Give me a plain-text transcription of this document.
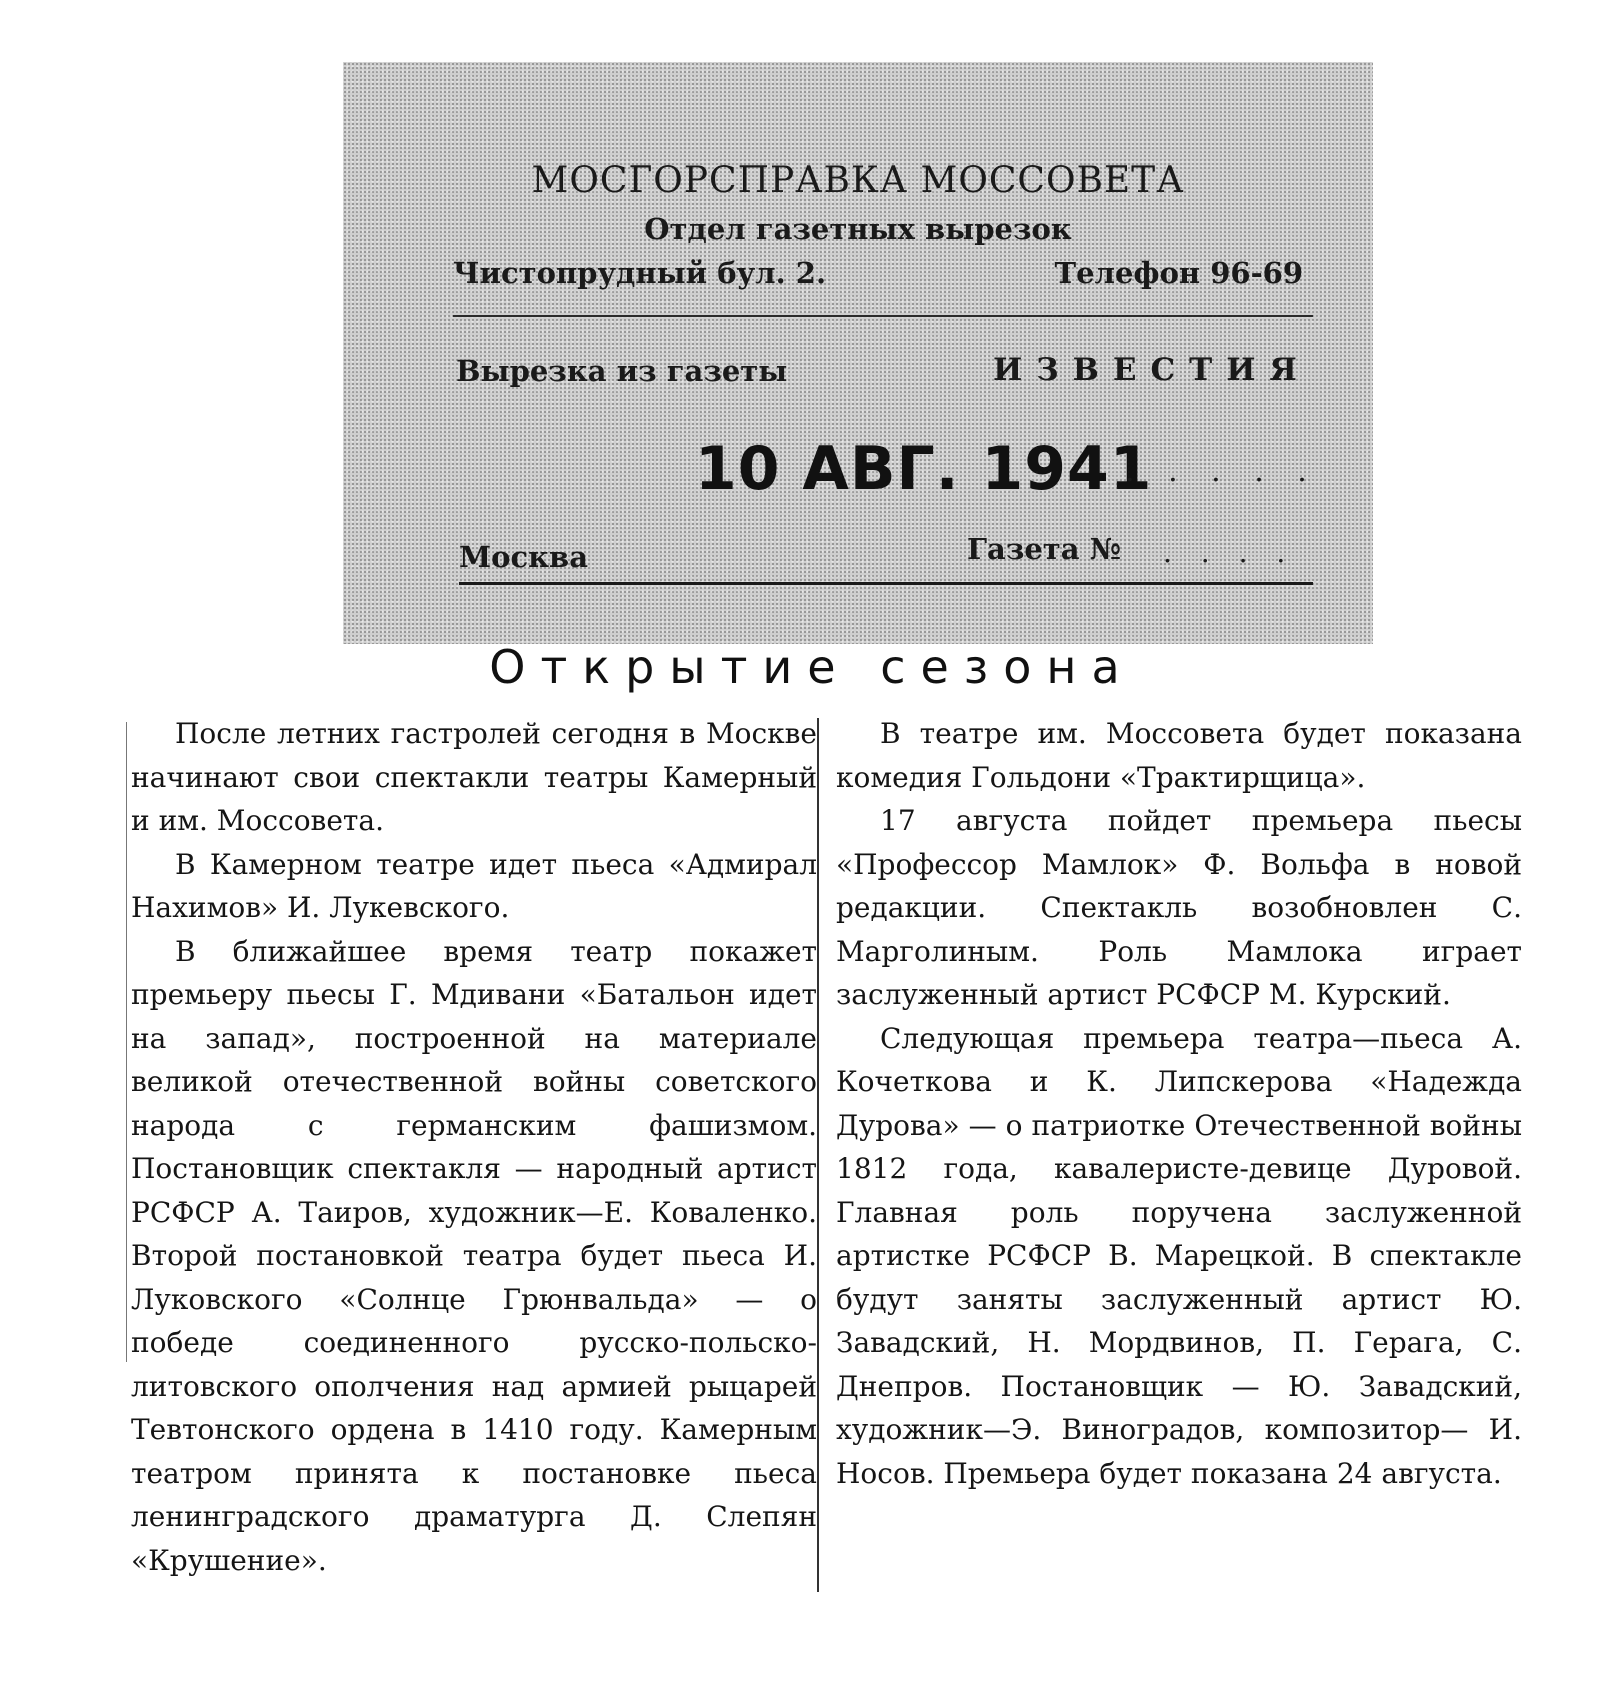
МОСГОРСПРАВКА МОССОВЕТА
Отдел газетных вырезок
Чистопрудный бул. 2.	Телефон 96-69
Вырезка из газеты	ИЗВЕСТИЯ
10 АВГ. 1941
. . . . .
Москва	Газета № . . . .
Открытие сезона

После летних гастролей сегодня в Москве начинают свои спектакли театры Камерный и им. Моссовета.

В Камерном театре идет пьеса «Адмирал Нахимов» И. Лукевского.

В ближайшее время театр покажет премьеру пьесы Г. Мдивани «Батальон идет на запад», построенной на материале великой отечественной войны советского народа с германским фашизмом. Постановщик спектакля — народный артист РСФСР А. Таиров, художник—Е. Коваленко. Второй постановкой театра будет пьеса И. Луковского «Солнце Грюнвальда» — о победе соединенного русско-польско-литовского ополчения над армией рыцарей Тевтонского ордена в 1410 году. Камерным театром принята к постановке пьеса ленинградского драматурга Д. Слепян «Крушение».

В театре им. Моссовета будет показана комедия Гольдони «Трактирщица».

17 августа пойдет премьера пьесы «Профессор Мамлок» Ф. Вольфа в новой редакции. Спектакль возобновлен С. Марголиным. Роль Мамлока играет заслуженный артист РСФСР М. Курский.

Следующая премьера театра—пьеса А. Кочеткова и К. Липскерова «Надежда Дурова» — о патриотке Отечественной войны 1812 года, кавалеристе-девице Дуровой. Главная роль поручена заслуженной артистке РСФСР В. Марецкой. В спектакле будут заняты заслуженный артист Ю. Завадский, Н. Мордвинов, П. Герага, С. Днепров. Постановщик — Ю. Завадский, художник—Э. Виноградов, композитор— И. Носов. Премьера будет показана 24 августа.
